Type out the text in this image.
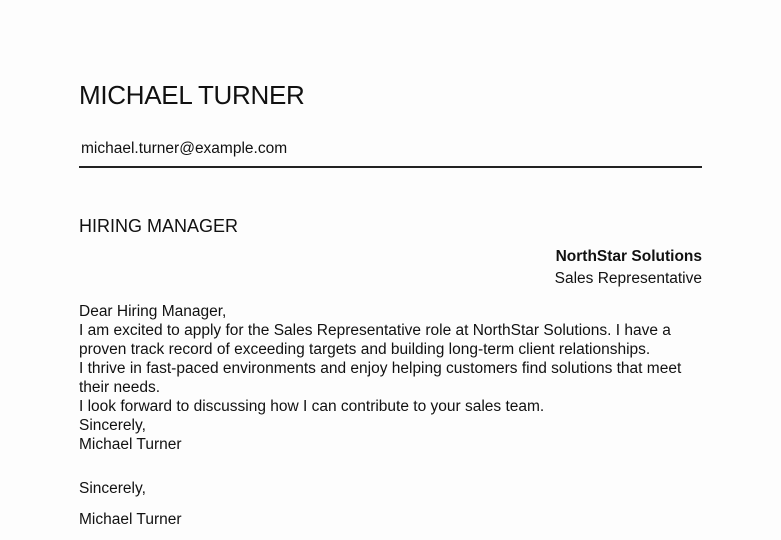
MICHAEL TURNER
michael.turner@example.com
HIRING MANAGER
NorthStar Solutions
Sales Representative

Dear Hiring Manager,

I am excited to apply for the Sales Representative role at NorthStar Solutions. I have a proven track record of exceeding targets and building long-term client relationships.

I thrive in fast-paced environments and enjoy helping customers find solutions that meet their needs.

I look forward to discussing how I can contribute to your sales team.

Sincerely,

Michael Turner

Sincerely,
Michael Turner
